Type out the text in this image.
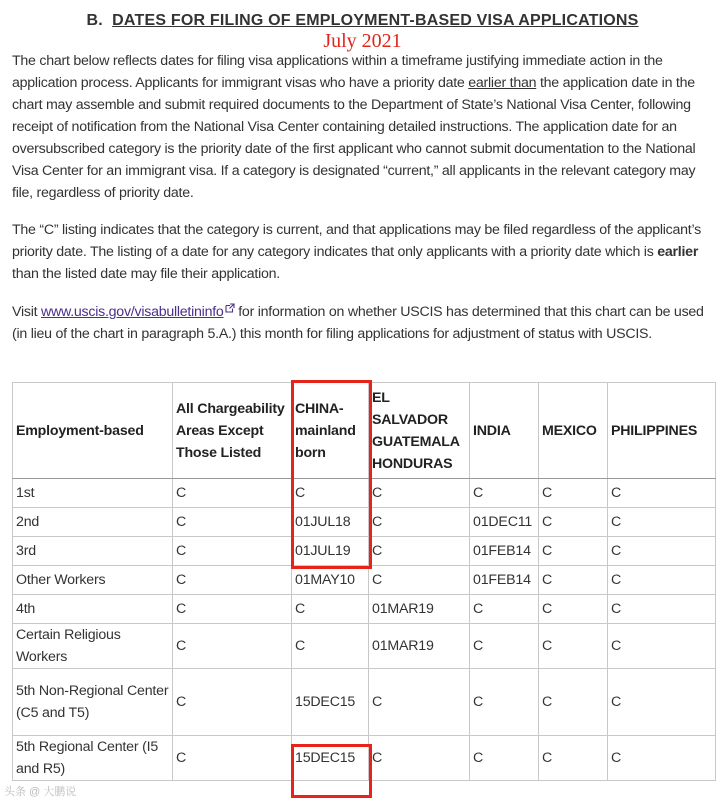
B. DATES FOR FILING OF EMPLOYMENT-BASED VISA APPLICATIONS
July 2021

The chart below reflects dates for filing visa applications within a timeframe justifying immediate action in the application process. Applicants for immigrant visas who have a priority date earlier than the application date in the chart may assemble and submit required documents to the Department of State’s National Visa Center, following receipt of notification from the National Visa Center containing detailed instructions. The application date for an oversubscribed category is the priority date of the first applicant who cannot submit documentation to the National Visa Center for an immigrant visa. If a category is designated “current,” all applicants in the relevant category may file, regardless of priority date.

The “C” listing indicates that the category is current, and that applications may be filed regardless of the applicant’s priority date. The listing of a date for any category indicates that only applicants with a priority date which is earlier than the listed date may file their application.

Visit www.uscis.gov/visabulletininfo for information on whether USCIS has determined that this chart can be used (in lieu of the chart in paragraph 5.A.) this month for filing applications for adjustment of status with USCIS.

Employment-based	All Chargeability Areas Except Those Listed	CHINA-mainland born	EL SALVADOR GUATEMALA HONDURAS	INDIA	MEXICO	PHILIPPINES
1st	C	C	C	C	C	C
2nd	C	01JUL18	C	01DEC11	C	C
3rd	C	01JUL19	C	01FEB14	C	C
Other Workers	C	01MAY10	C	01FEB14	C	C
4th	C	C	01MAR19	C	C	C
Certain Religious Workers	C	C	01MAR19	C	C	C
5th Non-Regional Center (C5 and T5)	C	15DEC15	C	C	C	C
5th Regional Center (I5 and R5)	C	15DEC15	C	C	C	C
头条 @ 大鹏说
